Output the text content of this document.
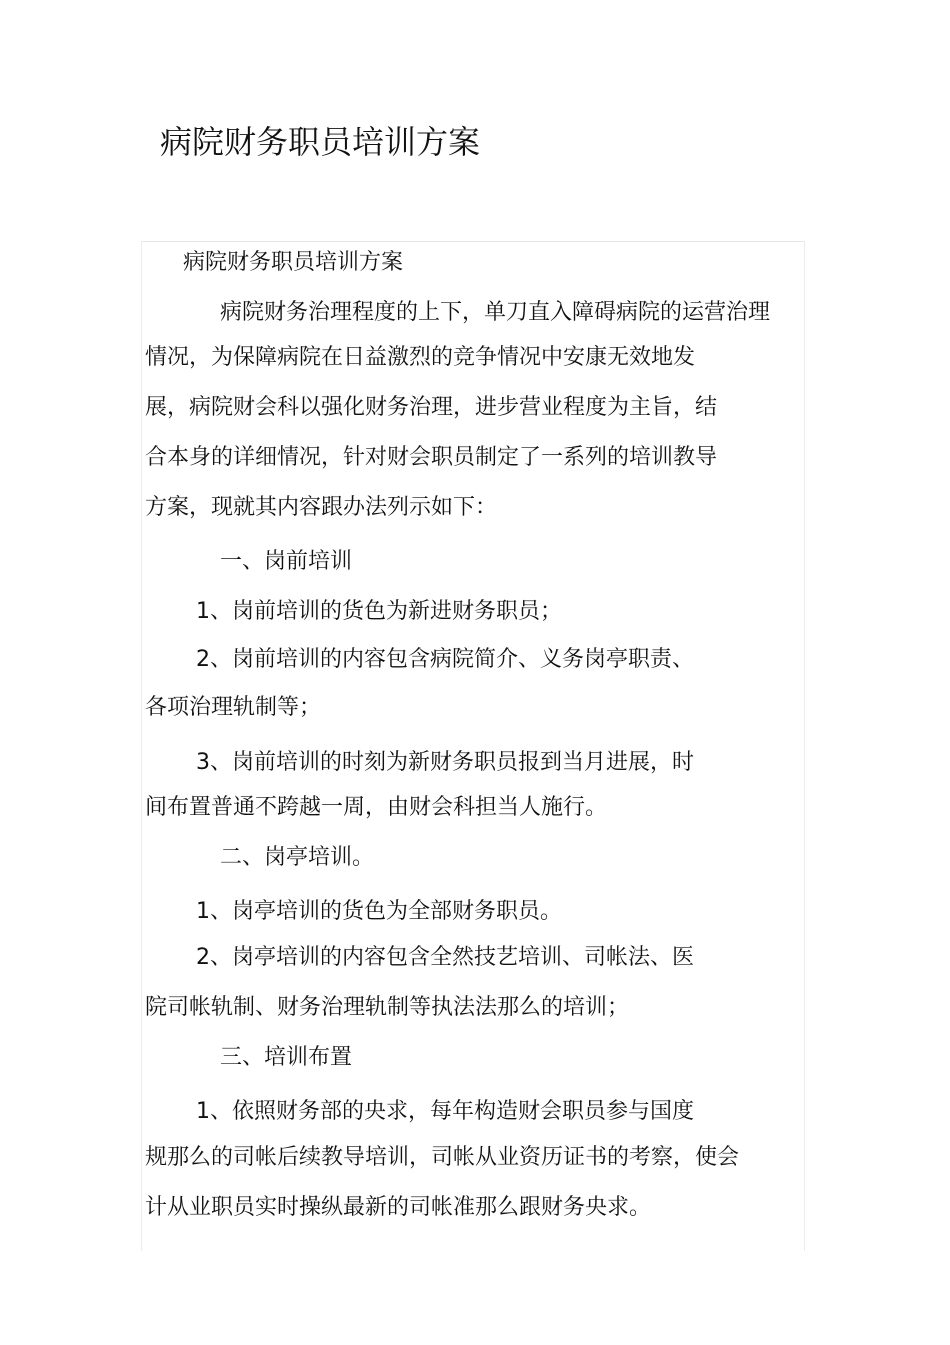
病院财务职员培训方案
病院财务职员培训方案
病院财务治理程度的上下，单刀直入障碍病院的运营治理
情况，为保障病院在日益激烈的竞争情况中安康无效地发
展，病院财会科以强化财务治理，进步营业程度为主旨，结
合本身的详细情况，针对财会职员制定了一系列的培训教导
方案，现就其内容跟办法列示如下：
一、岗前培训
1、岗前培训的货色为新进财务职员；
2、岗前培训的内容包含病院简介、义务岗亭职责、
各项治理轨制等；
3、岗前培训的时刻为新财务职员报到当月进展，时
间布置普通不跨越一周，由财会科担当人施行。
二、岗亭培训。
1、岗亭培训的货色为全部财务职员。
2、岗亭培训的内容包含全然技艺培训、司帐法、医
院司帐轨制、财务治理轨制等执法法那么的培训；
三、培训布置
1、依照财务部的央求，每年构造财会职员参与国度
规那么的司帐后续教导培训，司帐从业资历证书的考察，使会
计从业职员实时操纵最新的司帐准那么跟财务央求。
